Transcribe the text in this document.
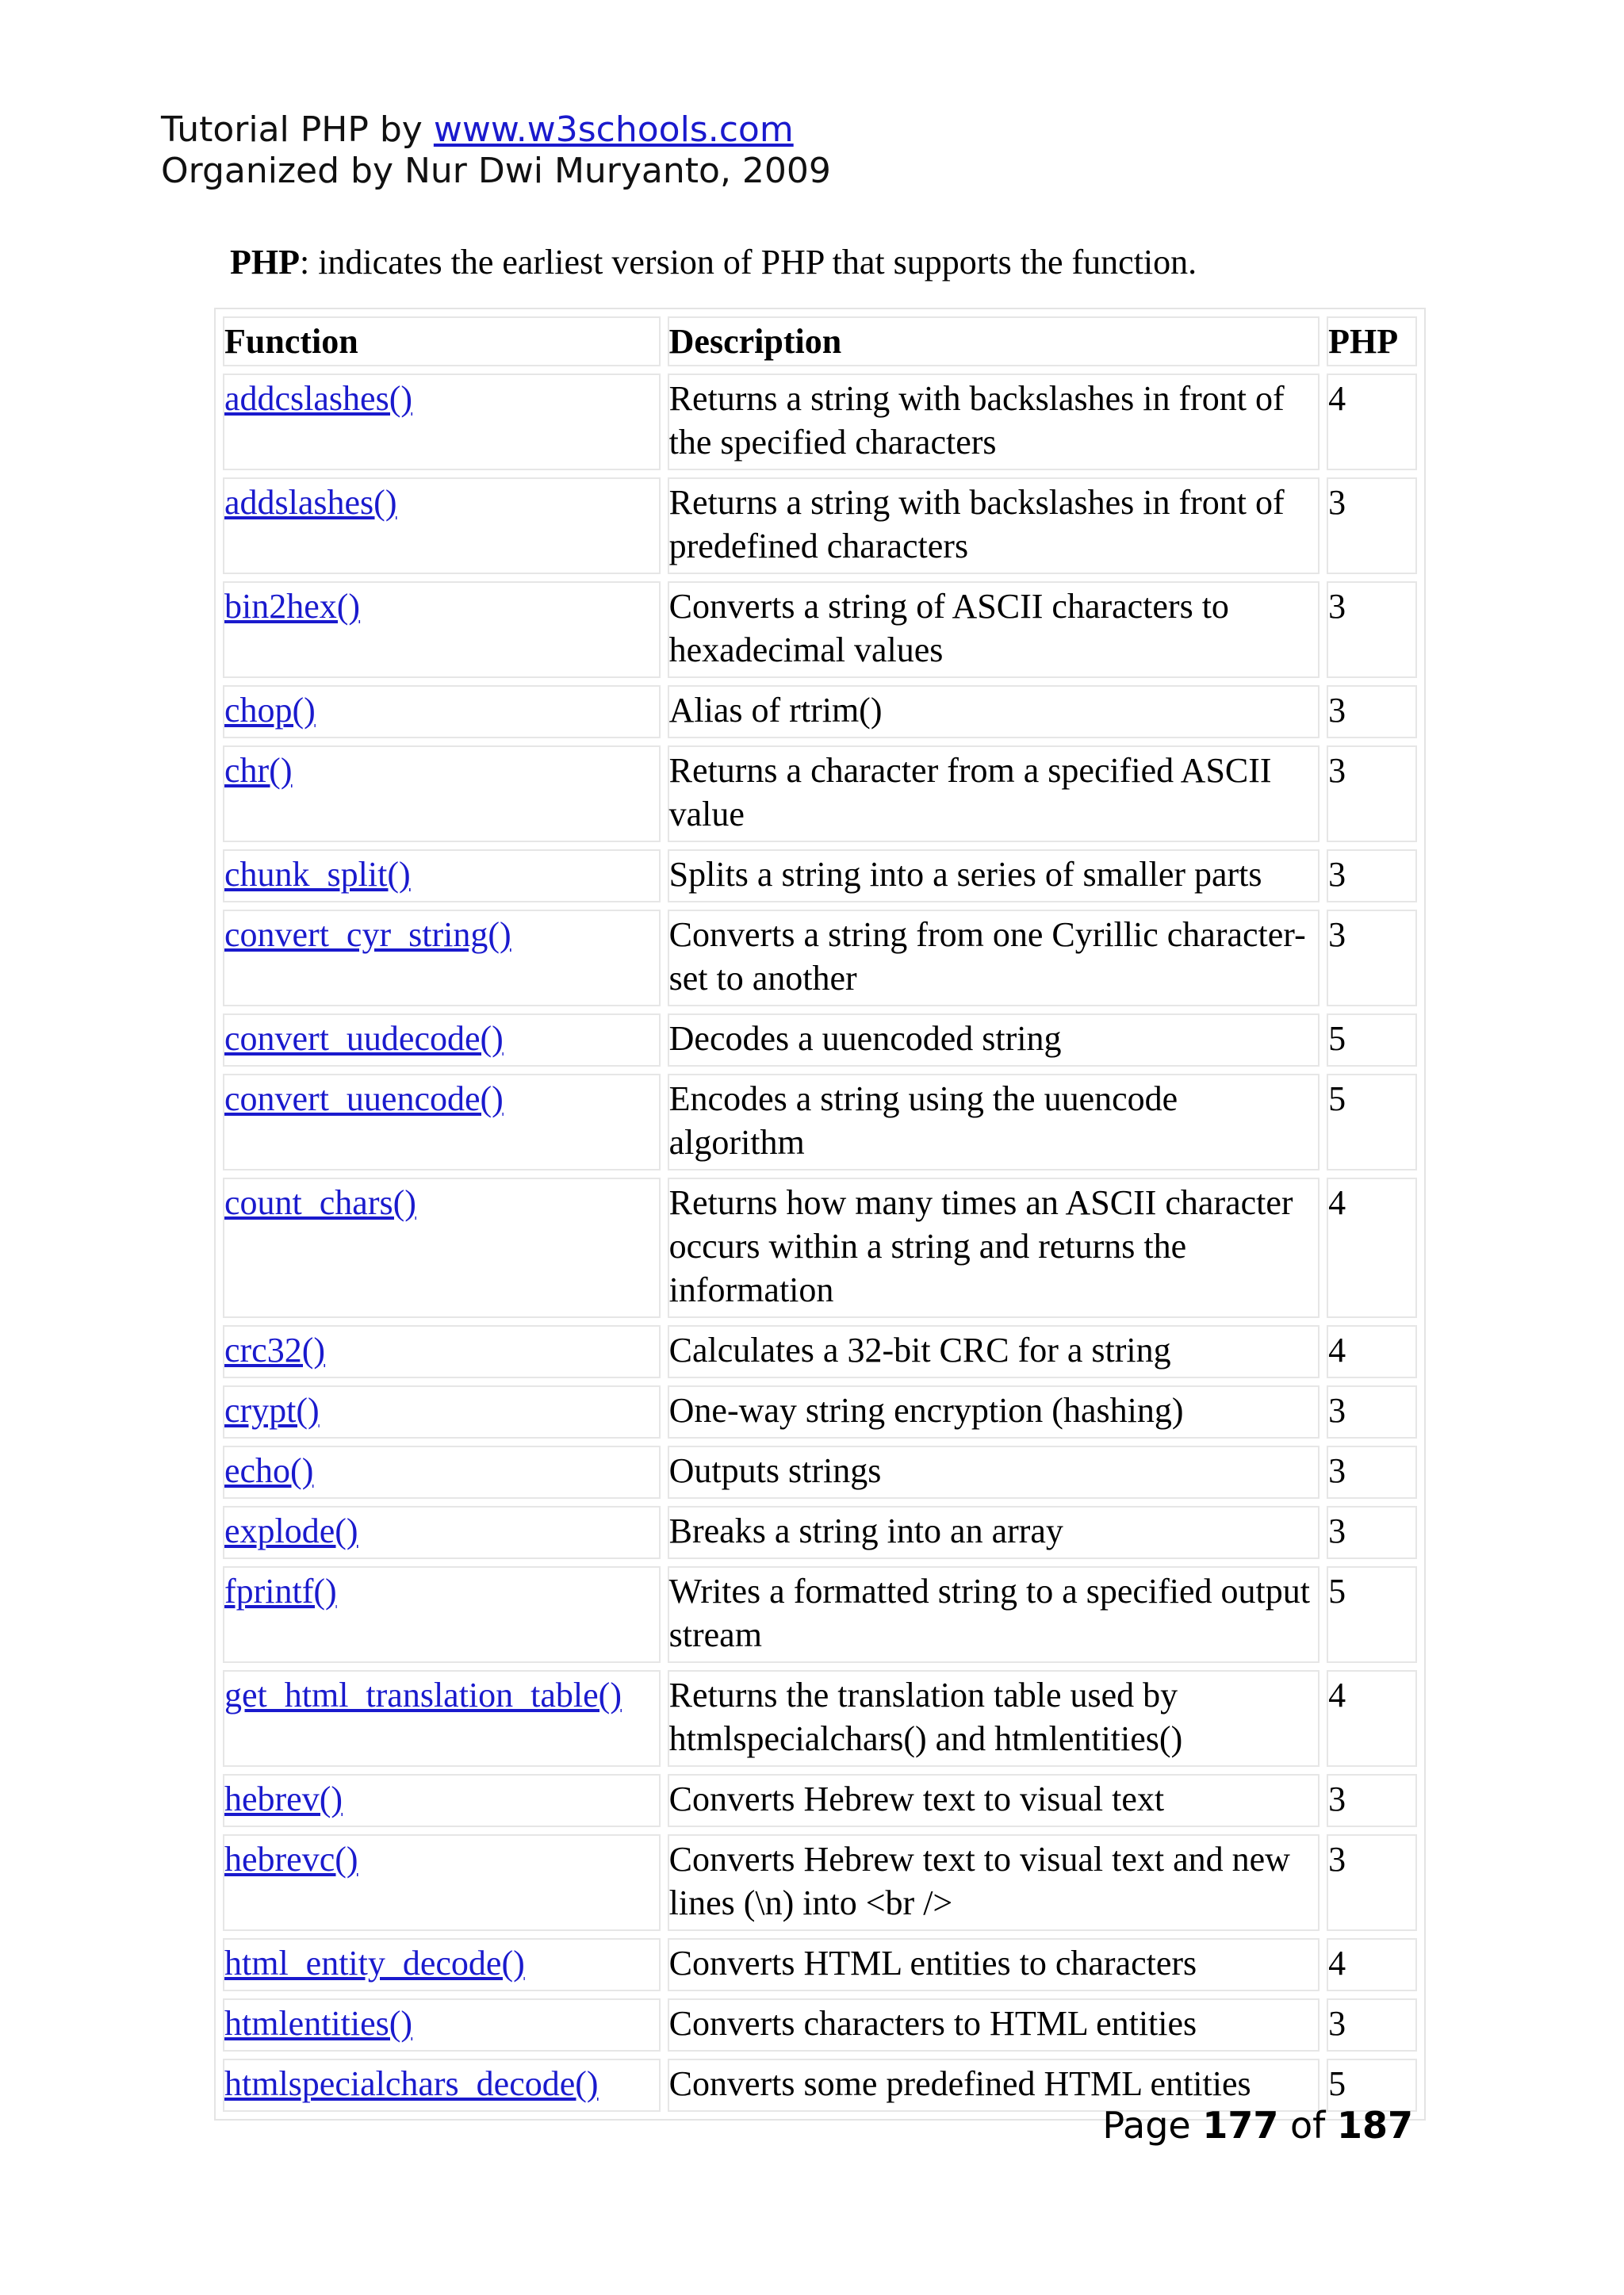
Tutorial PHP by www.w3schools.com
Organized by Nur Dwi Muryanto, 2009
PHP: indicates the earliest version of PHP that supports the function.
Function	Description	PHP
addcslashes()	Returns a string with backslashes in front of the specified characters	4
addslashes()	Returns a string with backslashes in front of predefined characters	3
bin2hex()	Converts a string of ASCII characters to hexadecimal values	3
chop()	Alias of rtrim()	3
chr()	Returns a character from a specified ASCII value	3
chunk_split()	Splits a string into a series of smaller parts	3
convert_cyr_string()	Converts a string from one Cyrillic character-set to another	3
convert_uudecode()	Decodes a uuencoded string	5
convert_uuencode()	Encodes a string using the uuencode algorithm	5
count_chars()	Returns how many times an ASCII character occurs within a string and returns the information	4
crc32()	Calculates a 32-bit CRC for a string	4
crypt()	One-way string encryption (hashing)	3
echo()	Outputs strings	3
explode()	Breaks a string into an array	3
fprintf()	Writes a formatted string to a specified output stream	5
get_html_translation_table()	Returns the translation table used by htmlspecialchars() and htmlentities()	4
hebrev()	Converts Hebrew text to visual text	3
hebrevc()	Converts Hebrew text to visual text and new lines (\n) into <br />	3
html_entity_decode()	Converts HTML entities to characters	4
htmlentities()	Converts characters to HTML entities	3
htmlspecialchars_decode()	Converts some predefined HTML entities	5
Page 177 of 187
